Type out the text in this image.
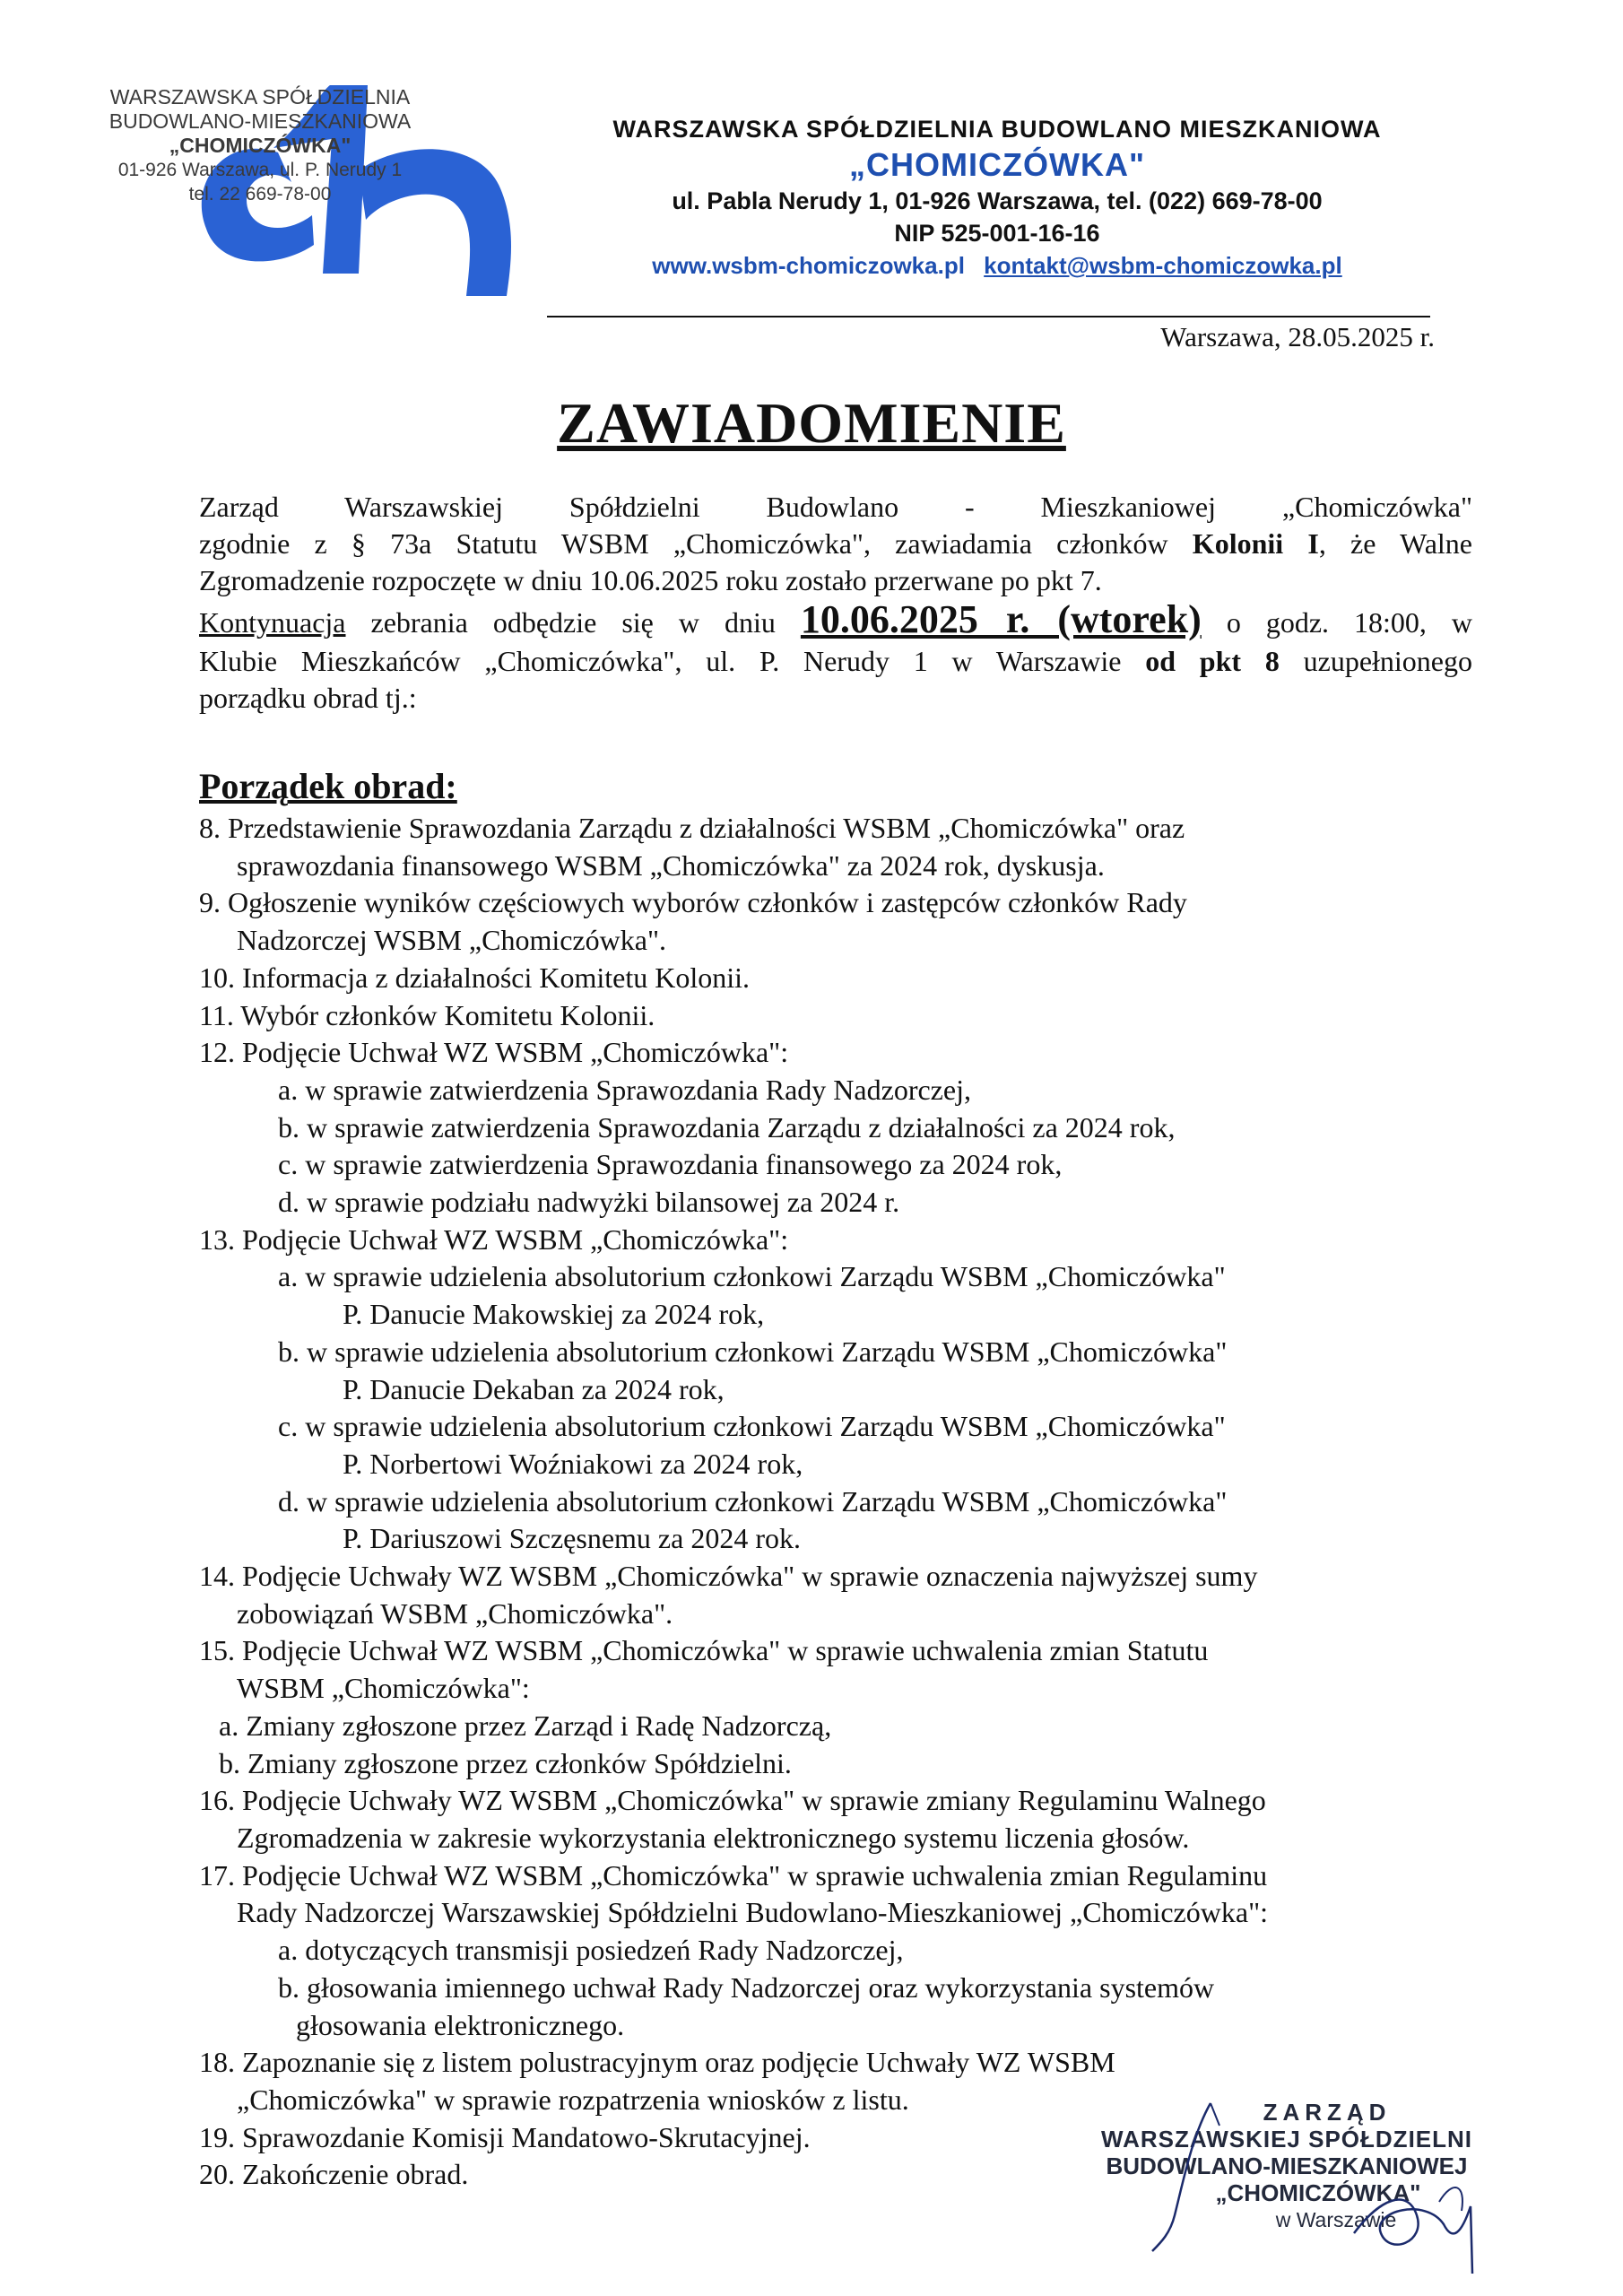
WARSZAWSKA SPÓŁDZIELNIA
BUDOWLANO-MIESZKANIOWA
„CHOMICZÓWKA"
01-926 Warszawa, ul. P. Nerudy 1
tel. 22 669-78-00
WARSZAWSKA SPÓŁDZIELNIA BUDOWLANO MIESZKANIOWA
„CHOMICZÓWKA"
ul. Pabla Nerudy 1, 01-926 Warszawa, tel. (022) 669-78-00
NIP 525-001-16-16
www.wsbm-chomiczowka.pl kontakt@wsbm-chomiczowka.pl
Warszawa, 28.05.2025 r.
ZAWIADOMIENIE

Zarząd Warszawskiej Spółdzielni Budowlano - Mieszkaniowej „Chomiczówka"

zgodnie z § 73a Statutu WSBM „Chomiczówka", zawiadamia członków Kolonii I, że Walne

Zgromadzenie rozpoczęte w dniu 10.06.2025 roku zostało przerwane po pkt 7.

Kontynuacja zebrania odbędzie się w dniu 10.06.2025 r. (wtorek) o godz. 18:00, w

Klubie Mieszkańców „Chomiczówka", ul. P. Nerudy 1 w Warszawie od pkt 8 uzupełnionego

porządku obrad tj.:

Porządek obrad:
8. Przedstawienie Sprawozdania Zarządu z działalności WSBM „Chomiczówka" oraz
sprawozdania finansowego WSBM „Chomiczówka" za 2024 rok, dyskusja.
9. Ogłoszenie wyników częściowych wyborów członków i zastępców członków Rady
Nadzorczej WSBM „Chomiczówka".
10. Informacja z działalności Komitetu Kolonii.
11. Wybór członków Komitetu Kolonii.
12. Podjęcie Uchwał WZ WSBM „Chomiczówka":
a. w sprawie zatwierdzenia Sprawozdania Rady Nadzorczej,
b. w sprawie zatwierdzenia Sprawozdania Zarządu z działalności za 2024 rok,
c. w sprawie zatwierdzenia Sprawozdania finansowego za 2024 rok,
d. w sprawie podziału nadwyżki bilansowej za 2024 r.
13. Podjęcie Uchwał WZ WSBM „Chomiczówka":
a. w sprawie udzielenia absolutorium członkowi Zarządu WSBM „Chomiczówka"
P. Danucie Makowskiej za 2024 rok,
b. w sprawie udzielenia absolutorium członkowi Zarządu WSBM „Chomiczówka"
P. Danucie Dekaban za 2024 rok,
c. w sprawie udzielenia absolutorium członkowi Zarządu WSBM „Chomiczówka"
P. Norbertowi Woźniakowi za 2024 rok,
d. w sprawie udzielenia absolutorium członkowi Zarządu WSBM „Chomiczówka"
P. Dariuszowi Szczęsnemu za 2024 rok.
14. Podjęcie Uchwały WZ WSBM „Chomiczówka" w sprawie oznaczenia najwyższej sumy
zobowiązań WSBM „Chomiczówka".
15. Podjęcie Uchwał WZ WSBM „Chomiczówka" w sprawie uchwalenia zmian Statutu
WSBM „Chomiczówka":
a. Zmiany zgłoszone przez Zarząd i Radę Nadzorczą,
b. Zmiany zgłoszone przez członków Spółdzielni.
16. Podjęcie Uchwały WZ WSBM „Chomiczówka" w sprawie zmiany Regulaminu Walnego
Zgromadzenia w zakresie wykorzystania elektronicznego systemu liczenia głosów.
17. Podjęcie Uchwał WZ WSBM „Chomiczówka" w sprawie uchwalenia zmian Regulaminu
Rady Nadzorczej Warszawskiej Spółdzielni Budowlano-Mieszkaniowej „Chomiczówka":
a. dotyczących transmisji posiedzeń Rady Nadzorczej,
b. głosowania imiennego uchwał Rady Nadzorczej oraz wykorzystania systemów
głosowania elektronicznego.
18. Zapoznanie się z listem polustracyjnym oraz podjęcie Uchwały WZ WSBM
„Chomiczówka" w sprawie rozpatrzenia wniosków z listu.
19. Sprawozdanie Komisji Mandatowo-Skrutacyjnej.
20. Zakończenie obrad.
ZARZĄD
WARSZAWSKIEJ SPÓŁDZIELNI
BUDOWLANO-MIESZKANIOWEJ
„CHOMICZÓWKA"
w Warszawie
